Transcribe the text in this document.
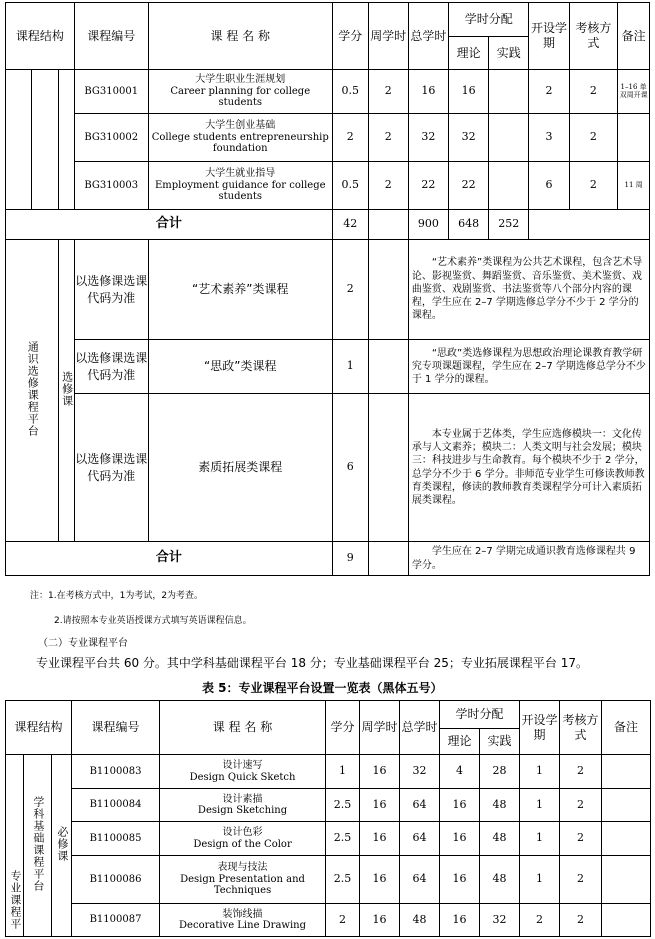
课程结构			课程编号	课 程 名 称	学分	周学时	总学时	学时分配		开设学期	考核方式	备注
								理论	实践			
			BG310001	大学生职业生涯规划
Career planning for college students	0.5	2	16	16		2	2	1–16 单双周开课
			BG310002	大学生创业基础
College students entrepreneurship foundation	2	2	32	32		3	2	
			BG310003	大学生就业指导
Employment guidance for college students	0.5	2	22	22		6	2	11 周
合计					42		900	648	252			
通识选修课程平台		选修课	以选修课选课代码为准	“艺术素养”类课程	2		“艺术素养”类课程为公共艺术课程，包含艺术导论、影视鉴赏、舞蹈鉴赏、音乐鉴赏、美术鉴赏、戏曲鉴赏、戏剧鉴赏、书法鉴赏等八个部分内容的课程，学生应在 2–7 学期选修总学分不少于 2 学分的课程。					
			以选修课选课代码为准	“思政”类课程	1		“思政”类选修课程为思想政治理论课教育教学研究专项课题课程，学生应在 2–7 学期选修总学分不少于 1 学分的课程。					
			以选修课选课代码为准	素质拓展类课程	6		本专业属于艺体类，学生应选修模块一：文化传承与人文素养；模块二：人类文明与社会发展；模块三：科技进步与生命教育。每个模块不少于 2 学分，总学分不少于 6 学分。非师范专业学生可修读教师教育类课程，修读的教师教育类课程学分可计入素质拓展类课程。					
合计					9		学生应在 2–7 学期完成通识教育选修课程共 9 学分。					
注：1.在考核方式中，1为考试，2为考查。
2.请按照本专业英语授课方式填写英语课程信息。
（二）专业课程平台
专业课程平台共 60 分。其中学科基础课程平台 18 分；专业基础课程平台 25；专业拓展课程平台 17。
表 5：专业课程平台设置一览表（黑体五号）
课程结构			课程编号	课 程 名 称	学分	周学时	总学时	学时分配		开设学期	考核方式	备注
								理论	实践			
专业课程平	学科基础课程平台	必修课	B1100083	设计速写
Design Quick Sketch	1	16	32	4	28	1	2	
			B1100084	设计素描
Design Sketching	2.5	16	64	16	48	1	2	
			B1100085	设计色彩
Design of the Color	2.5	16	64	16	48	1	2	
			B1100086	表现与技法
Design Presentation and Techniques	2.5	16	64	16	48	1	2	
			B1100087	装饰线描
Decorative Line Drawing	2	16	48	16	32	2	2	
